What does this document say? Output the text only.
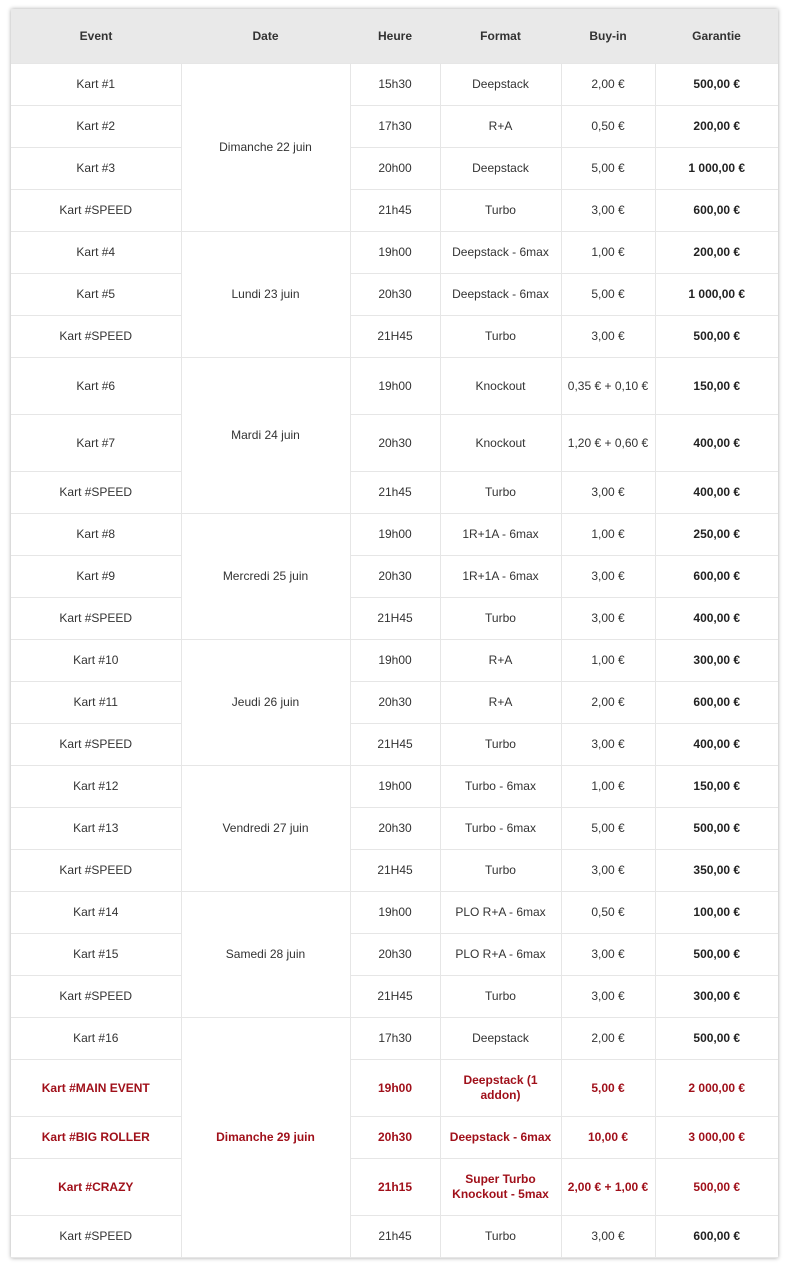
Event	Date	Heure	Format	Buy-in	Garantie
Kart #1	Dimanche 22 juin	15h30	Deepstack	2,00 €	500,00 €
Kart #2		17h30	R+A	0,50 €	200,00 €
Kart #3		20h00	Deepstack	5,00 €	1 000,00 €
Kart #SPEED		21h45	Turbo	3,00 €	600,00 €
Kart #4	Lundi 23 juin	19h00	Deepstack - 6max	1,00 €	200,00 €
Kart #5		20h30	Deepstack - 6max	5,00 €	1 000,00 €
Kart #SPEED		21H45	Turbo	3,00 €	500,00 €
Kart #6	Mardi 24 juin	19h00	Knockout	0,35 € + 0,10 €	150,00 €
Kart #7		20h30	Knockout	1,20 € + 0,60 €	400,00 €
Kart #SPEED		21h45	Turbo	3,00 €	400,00 €
Kart #8	Mercredi 25 juin	19h00	1R+1A - 6max	1,00 €	250,00 €
Kart #9		20h30	1R+1A - 6max	3,00 €	600,00 €
Kart #SPEED		21H45	Turbo	3,00 €	400,00 €
Kart #10	Jeudi 26 juin	19h00	R+A	1,00 €	300,00 €
Kart #11		20h30	R+A	2,00 €	600,00 €
Kart #SPEED		21H45	Turbo	3,00 €	400,00 €
Kart #12	Vendredi 27 juin	19h00	Turbo - 6max	1,00 €	150,00 €
Kart #13		20h30	Turbo - 6max	5,00 €	500,00 €
Kart #SPEED		21H45	Turbo	3,00 €	350,00 €
Kart #14	Samedi 28 juin	19h00	PLO R+A - 6max	0,50 €	100,00 €
Kart #15		20h30	PLO R+A - 6max	3,00 €	500,00 €
Kart #SPEED		21H45	Turbo	3,00 €	300,00 €
Kart #16	Dimanche 29 juin	17h30	Deepstack	2,00 €	500,00 €
Kart #MAIN EVENT		19h00	Deepstack (1 addon)	5,00 €	2 000,00 €
Kart #BIG ROLLER		20h30	Deepstack - 6max	10,00 €	3 000,00 €
Kart #CRAZY		21h15	Super Turbo Knockout - 5max	2,00 € + 1,00 €	500,00 €
Kart #SPEED		21h45	Turbo	3,00 €	600,00 €
